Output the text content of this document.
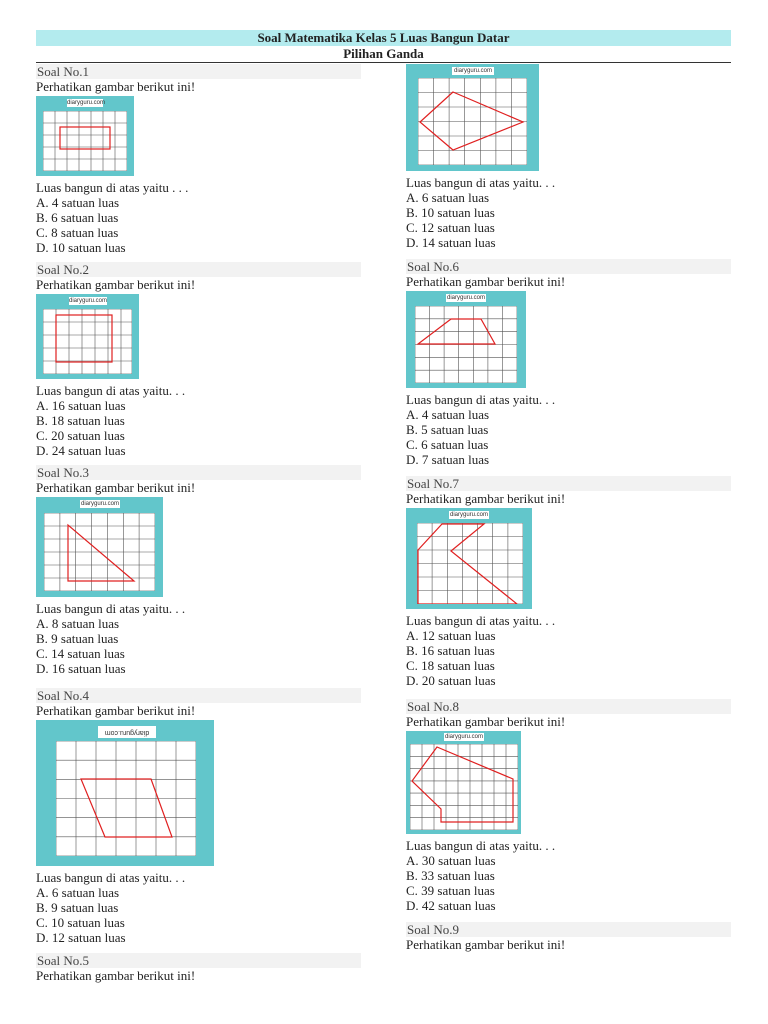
Soal Matematika Kelas 5 Luas Bangun Datar
Pilihan Ganda
Soal No.1
Perhatikan gambar berikut ini!
diaryguru.com
Luas bangun di atas yaitu . . .
A. 4 satuan luas
B. 6 satuan luas
C. 8 satuan luas
D. 10 satuan luas
Soal No.2
Perhatikan gambar berikut ini!
diaryguru.com
Luas bangun di atas yaitu. . .
A. 16 satuan luas
B. 18 satuan luas
C. 20 satuan luas
D. 24 satuan luas
Soal No.3
Perhatikan gambar berikut ini!
diaryguru.com
Luas bangun di atas yaitu. . .
A. 8 satuan luas
B. 9 satuan luas
C. 14 satuan luas
D. 16 satuan luas
Soal No.4
Perhatikan gambar berikut ini!
diaryguru.com
Luas bangun di atas yaitu. . .
A. 6 satuan luas
B. 9 satuan luas
C. 10 satuan luas
D. 12 satuan luas
Soal No.5
Perhatikan gambar berikut ini!
diaryguru.com
Luas bangun di atas yaitu. . .
A. 6 satuan luas
B. 10 satuan luas
C. 12 satuan luas
D. 14 satuan luas
Soal No.6
Perhatikan gambar berikut ini!
diaryguru.com
Luas bangun di atas yaitu. . .
A. 4 satuan luas
B. 5 satuan luas
C. 6 satuan luas
D. 7 satuan luas
Soal No.7
Perhatikan gambar berikut ini!
diaryguru.com
Luas bangun di atas yaitu. . .
A. 12 satuan luas
B. 16 satuan luas
C. 18 satuan luas
D. 20 satuan luas
Soal No.8
Perhatikan gambar berikut ini!
diaryguru.com
Luas bangun di atas yaitu. . .
A. 30 satuan luas
B. 33 satuan luas
C. 39 satuan luas
D. 42 satuan luas
Soal No.9
Perhatikan gambar berikut ini!
